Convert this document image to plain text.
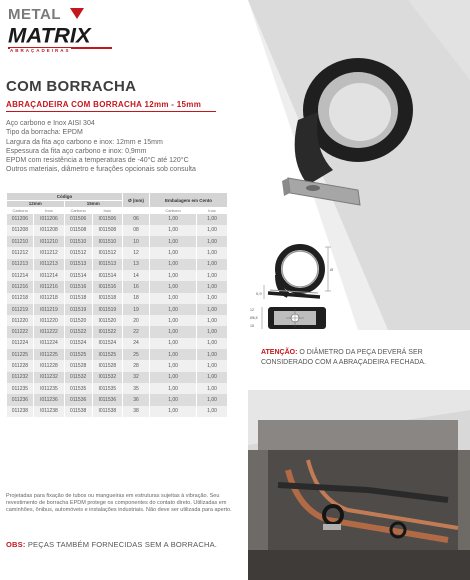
METAL
MATRIX
ABRAÇADEIRAS
COM BORRACHA
ABRAÇADEIRA COM BORRACHA 12mm - 15mm
Aço carbono e Inox AISI 304
Tipo da borracha: EPDM
Largura da fita aço carbono e inox: 12mm e 15mm
Espessura da fita aço carbono e inox: 0,9mm
EPDM com resistência a temperaturas de -40°C até 120°C
Outros materiais, diâmetro e furações opcionais sob consulta
Código				Ø (mm)	Embalagem em Cento	
12mm		15mm				
Carbono	Inox	Carbono	Inox		Carbono	Inox
011206	I011206	011506	I011506	06	1,00	1,00
011208	I011208	011508	I011508	08	1,00	1,00
011210	I011210	011510	I011510	10	1,00	1,00
011212	I011212	011512	I011512	12	1,00	1,00
011213	I011213	011513	I011513	13	1,00	1,00
011214	I011214	011514	I011514	14	1,00	1,00
011216	I011216	011516	I011516	16	1,00	1,00
011218	I011218	011518	I011518	18	1,00	1,00
011219	I011219	011519	I011519	19	1,00	1,00
011220	I011220	011520	I011520	20	1,00	1,00
011222	I011222	011522	I011522	22	1,00	1,00
011224	I011224	011524	I011524	24	1,00	1,00
011225	I011225	011525	I011525	25	1,00	1,00
011228	I011228	011528	I011528	28	1,00	1,00
011232	I011232	011532	I011532	32	1,00	1,00
011235	I011235	011535	I011535	35	1,00	1,00
011236	I011236	011536	I011536	36	1,00	1,00
011238	I011238	011538	I011538	38	1,00	1,00
Ø
0,9
12
Ø6,5
15
ATENÇÃO: O DIÂMETRO DA PEÇA DEVERÁ SER CONSIDERADO COM A ABRAÇADEIRA FECHADA.
Projetadas para fixação de tubos ou mangueiras em estruturas sujeitas à vibração. Seu revestimento de borracha EPDM protege os componentes do contato direto. Utilizadas em caminhões, ônibus, automóveis e instalações industriais. Não deve ser utilizada para aperto.
OBS: PEÇAS TAMBÉM FORNECIDAS SEM A BORRACHA.
